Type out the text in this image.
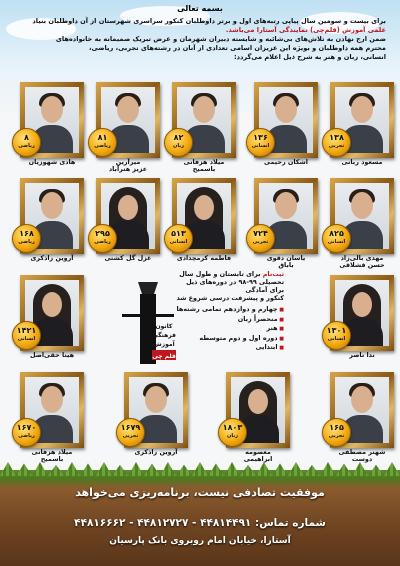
بسمه تعالی

برای بیست و سومین سال پیاپی رتبه‌های اول و برتر داوطلبان کنکور سراسری شهرستان از آن داوطلبان بنیاد

علمی آموزش (قلم‌چی) نمایندگی آستارا می‌باشد.

ضمن ارج نهادن به تلاش‌های بی‌شائبه و شایسته دبیران شهرمان و عرض تبریک صمیمانه به خانواده‌های

محترم همه داوطلبان و بویژه این عزیزان اسامی تعدادی از آنان در رشته‌های تجربی، ریاضی،

انسانی، زبان و هنر به شرح ذیل اعلام می‌گردد:

۱۳۸
تجربی
مسعود ربانی
۱۳۶
انسانی
اشکان رحیمی
۸۲
زبان
میلاد هزفانی
باسمیح
۸۱
ریاضی
میرآرین
عزیز هنرآباد
۸
ریاضی
هادی شهوزیان
۸۲۵
انسانی
مهدی بالی‌زاد
حسن قشلاقی
۷۲۴
تجربی
یاسان دقوی
باباق
۵۱۳
انسانی
فاطمه کرمچدادی
۲۹۵
ریاضی
غزل گل کشتی
۱۶۸
ریاضی
آروین زاذکری
۱۳۰۱
انسانی
ندا ناصر
۱۴۲۱
انسانی
هینا حقی‌اصل
کانون
فرهنگی
آموزش
قلم چی

ثبت‌نام برای تابستان و طول سال

تحصیلی ۹۹-۹۸ در دوره‌های ذیل برای آمادگی

کنکور و پیشرفت درسی شروع شد

■ چهارم و دوازدهم تمامی رشته‌ها
■ منحصراً زبان
■ هنر
■ دوره اول و دوم متوسطه
■ ابتدایی
۱۶۵
تجربی
شهنر مصطفی
دوست
۱۸۰۳
زبان
معصومه
ابراهیمی
۱۶۷۹
تجربی
آروین زاذکری
۱۶۷۰
ریاضی
میلاد هزفانی
باسمیح
موفقیت تصادفی نیست، برنامه‌ریزی می‌خواهد
شماره تماس: ۴۴۸۱۴۴۹۱ - ۴۴۸۱۲۷۲۷ - ۴۴۸۱۶۶۶۲
آستارا، خیابان امام روبروی بانک پارسیان
